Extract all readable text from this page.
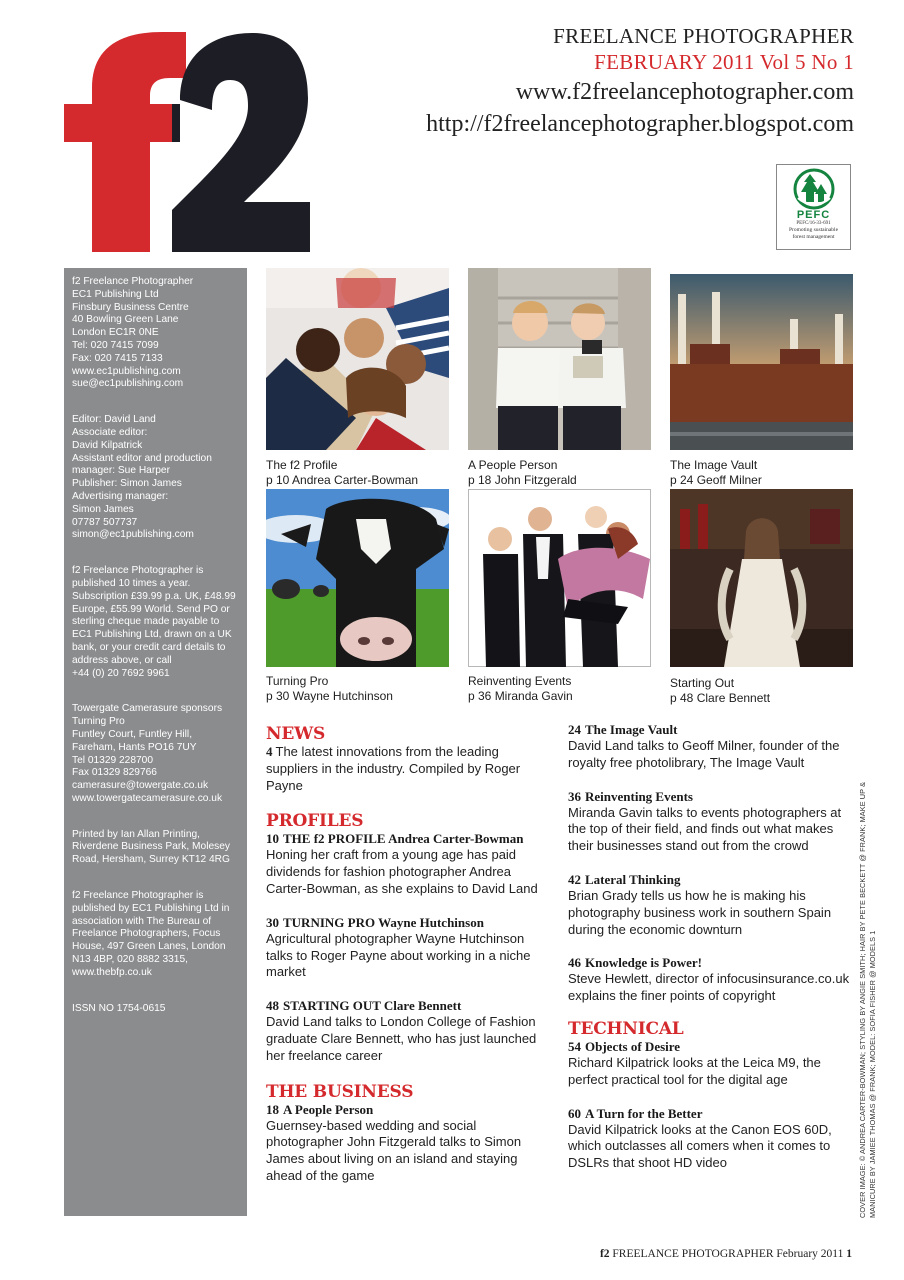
FREELANCE PHOTOGRAPHER
FEBRUARY 2011 Vol 5 No 1
www.f2freelancephotographer.com
http://f2freelancephotographer.blogspot.com
PEFC
PEFC/16-33-691
Promoting sustainable
forest management
f2 Freelance Photographer
EC1 Publishing Ltd
Finsbury Business Centre
40 Bowling Green Lane
London EC1R 0NE
Tel: 020 7415 7099
Fax: 020 7415 7133
www.ec1publishing.com
sue@ec1publishing.com
Editor: David Land
Associate editor:
David Kilpatrick
Assistant editor and production
manager: Sue Harper
Publisher: Simon James
Advertising manager:
Simon James
07787 507737
simon@ec1publishing.com
f2 Freelance Photographer is
published 10 times a year.
Subscription £39.99 p.a. UK, £48.99
Europe, £55.99 World. Send PO or
sterling cheque made payable to
EC1 Publishing Ltd, drawn on a UK
bank, or your credit card details to
address above, or call
+44 (0) 20 7692 9961
Towergate Camerasure sponsors
Turning Pro
Funtley Court, Funtley Hill,
Fareham, Hants PO16 7UY
Tel 01329 228700
Fax 01329 829766
camerasure@towergate.co.uk
www.towergatecamerasure.co.uk
Printed by Ian Allan Printing,
Riverdene Business Park, Molesey
Road, Hersham, Surrey KT12 4RG
f2 Freelance Photographer is
published by EC1 Publishing Ltd in
association with The Bureau of
Freelance Photographers, Focus
House, 497 Green Lanes, London
N13 4BP, 020 8882 3315,
www.thebfp.co.uk
ISSN NO 1754-0615
The f2 Profile
p 10 Andrea Carter-Bowman
A People Person
p 18 John Fitzgerald
The Image Vault
p 24 Geoff Milner
Turning Pro
p 30 Wayne Hutchinson
Reinventing Events
p 36 Miranda Gavin
Starting Out
p 48 Clare Bennett
NEWS
4 The latest innovations from the leading suppliers in the industry. Compiled by Roger Payne
PROFILES
10 THE f2 PROFILE Andrea Carter-Bowman
Honing her craft from a young age has paid dividends for fashion photographer Andrea Carter-Bowman, as she explains to David Land
30 TURNING PRO Wayne Hutchinson
Agricultural photographer Wayne Hutchinson talks to Roger Payne about working in a niche market
48 STARTING OUT Clare Bennett
David Land talks to London College of Fashion graduate Clare Bennett, who has just launched her freelance career
THE BUSINESS
18 A People Person
Guernsey-based wedding and social photographer John Fitzgerald talks to Simon James about living on an island and staying ahead of the game
24 The Image Vault
David Land talks to Geoff Milner, founder of the royalty free photolibrary, The Image Vault
36 Reinventing Events
Miranda Gavin talks to events photographers at the top of their field, and finds out what makes their businesses stand out from the crowd
42 Lateral Thinking
Brian Grady tells us how he is making his photography business work in southern Spain during the economic downturn
46 Knowledge is Power!
Steve Hewlett, director of infocusinsurance.co.uk explains the finer points of copyright
TECHNICAL
54 Objects of Desire
Richard Kilpatrick looks at the Leica M9, the perfect practical tool for the digital age
60 A Turn for the Better
David Kilpatrick looks at the Canon EOS 60D, which outclasses all comers when it comes to DSLRs that shoot HD video	COVER IMAGE: © ANDREA CARTER-BOWMAN; STYLING BY ANGIE SMITH; HAIR BY PETE BECKETT @ FRANK; MAKE UP & MANICURE BY JAMIEE THOMAS @ FRANK; MODEL: SOFIA FISHER @ MODELS 1
f2 FREELANCE PHOTOGRAPHER February 2011 1
